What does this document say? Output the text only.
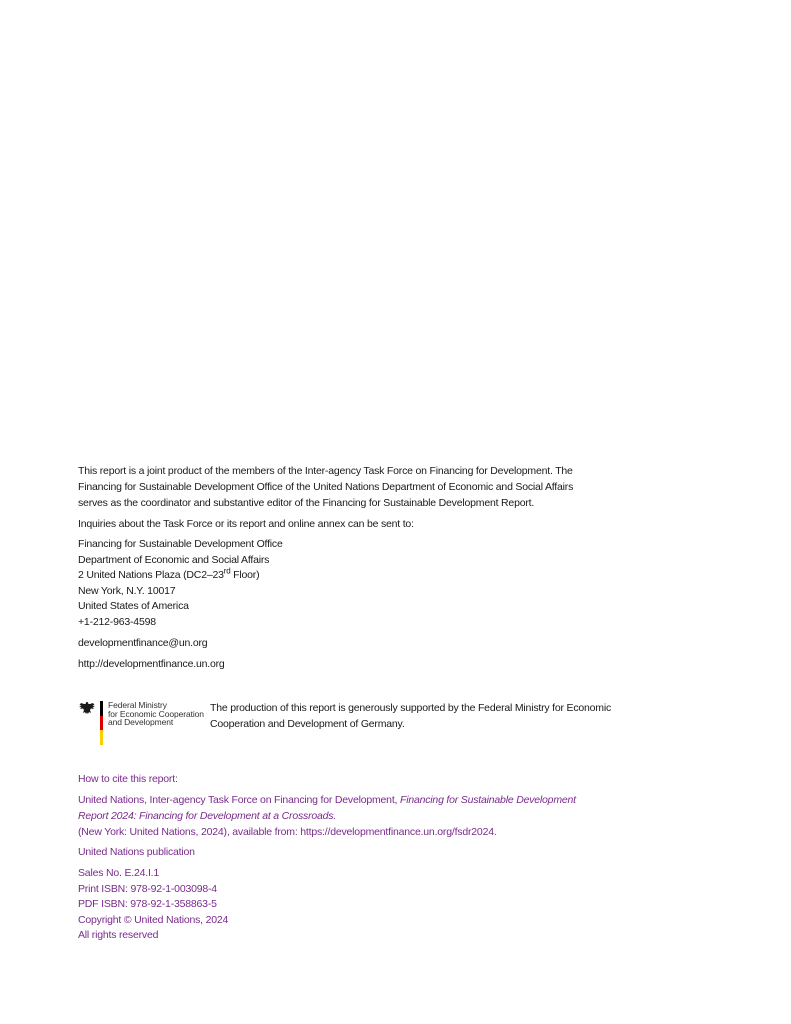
This report is a joint product of the members of the Inter-agency Task Force on Financing for Development. The Financing for Sustainable Development Office of the United Nations Department of Economic and Social Affairs serves as the coordinator and substantive editor of the Financing for Sustainable Development Report.
Inquiries about the Task Force or its report and online annex can be sent to:
Financing for Sustainable Development Office
Department of Economic and Social Affairs
2 United Nations Plaza (DC2–23rd Floor)
New York, N.Y. 10017
United States of America
+1-212-963-4598
developmentfinance@un.org
http://developmentfinance.un.org
Federal Ministry
for Economic Cooperation
and Development
The production of this report is generously supported by the Federal Ministry for Economic Cooperation and Development of Germany.
How to cite this report:
United Nations, Inter-agency Task Force on Financing for Development, Financing for Sustainable Development Report 2024: Financing for Development at a Crossroads.
(New York: United Nations, 2024), available from: https://developmentfinance.un.org/fsdr2024.
United Nations publication
Sales No. E.24.I.1
Print ISBN: 978-92-1-003098-4
PDF ISBN: 978-92-1-358863-5
Copyright © United Nations, 2024
All rights reserved
